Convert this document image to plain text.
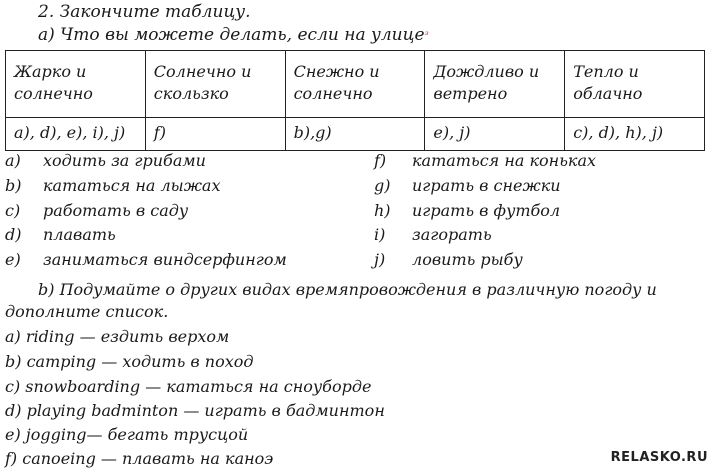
2. Закончите таблицу.
а) Что вы можете делать, если на улице$^ᵌ$
Жарко и солнечно	Солнечно и скользко	Снежно и солнечно	Дождливо и ветрено	Тепло и облачно
a), d), e), i), j)	f)	b),g)	e), j)	c), d), h), j)
a) ходить за грибами
b) кататься на лыжах
c) работать в саду
d) плавать
e) заниматься виндсерфингом
f) кататься на коньках
g) играть в снежки
h) играть в футбол
i) загорать
j) ловить рыбу
b) Подумайте о других видах времяпровождения в различную погоду и
дополните список.
a) riding — ездить верхом
b) camping — ходить в поход
c) snowboarding — кататься на сноуборде
d) playing badminton — играть в бадминтон
e) jogging— бегать трусцой
f) canoeing — плавать на каноэ	RELASKO.RU
